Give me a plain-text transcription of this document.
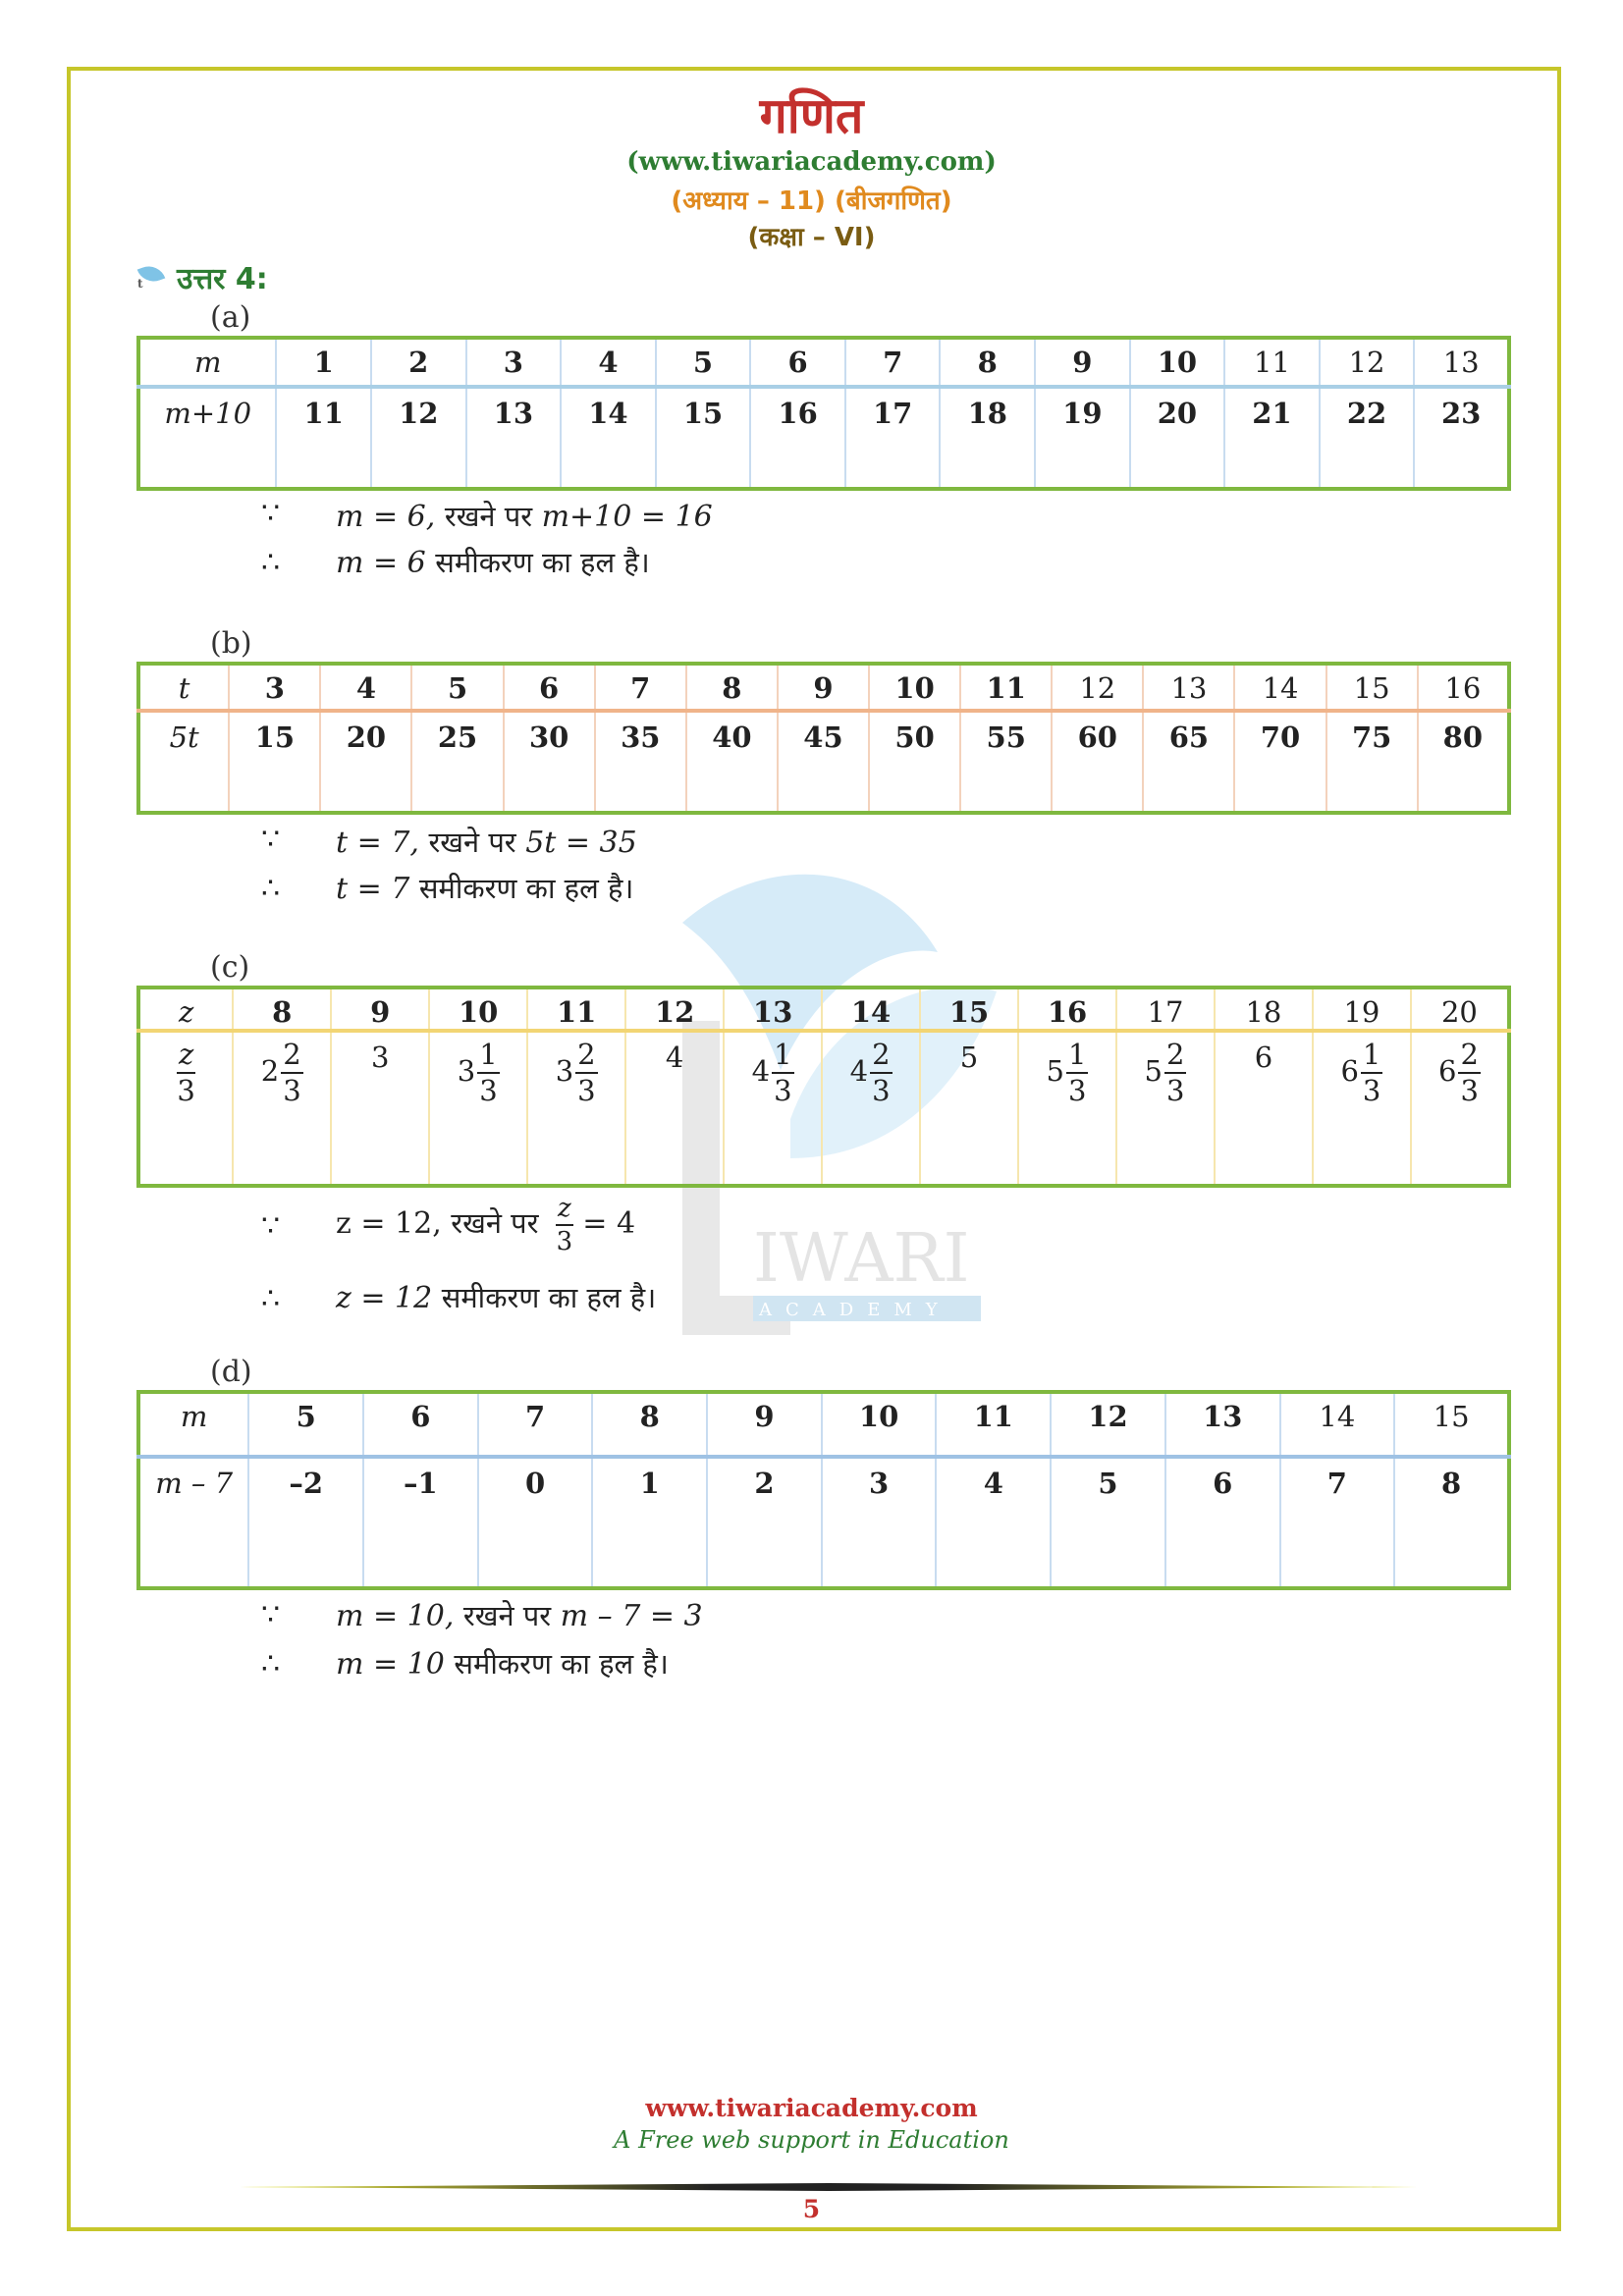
गणित
(www.tiwariacademy.com)
(अध्याय – 11) (बीजगणित)
(कक्षा – VI)
t
उत्तर 4:
IWARI
ACADEMY
(a)
m	1	2	3	4	5	6	7	8	9	10	11	12	13
m+10	11	12	13	14	15	16	17	18	19	20	21	22	23
∵ m = 6, रखने पर m+10 = 16
∴ m = 6 समीकरण का हल है।
(b)
t	3	4	5	6	7	8	9	10	11	12	13	14	15	16
5t	15	20	25	30	35	40	45	50	55	60	65	70	75	80
∵ t = 7, रखने पर 5t = 35
∴ t = 7 समीकरण का हल है।
(c)
z	8	9	10	11	12	13	14	15	16	17	18	19	20

$\frac{z}{3}$	$2 \frac{2}{3}$	3	$3 \frac{1}{3}$	$3 \frac{2}{3}$	4	$4 \frac{1}{3}$	$4 \frac{2}{3}$	5	$5 \frac{1}{3}$	$5 \frac{2}{3}$	6	$6 \frac{1}{3}$	$6 \frac{2}{3}$
∵ z = 12, रखने पर $\frac{z}{3} = 4$
∴ z = 12 समीकरण का हल है।
(d)
m	5	6	7	8	9	10	11	12	13	14	15
m – 7	–2	–1	0	1	2	3	4	5	6	7	8
∵ m = 10, रखने पर m – 7 = 3
∴ m = 10 समीकरण का हल है।
www.tiwariacademy.com
A Free web support in Education
5
